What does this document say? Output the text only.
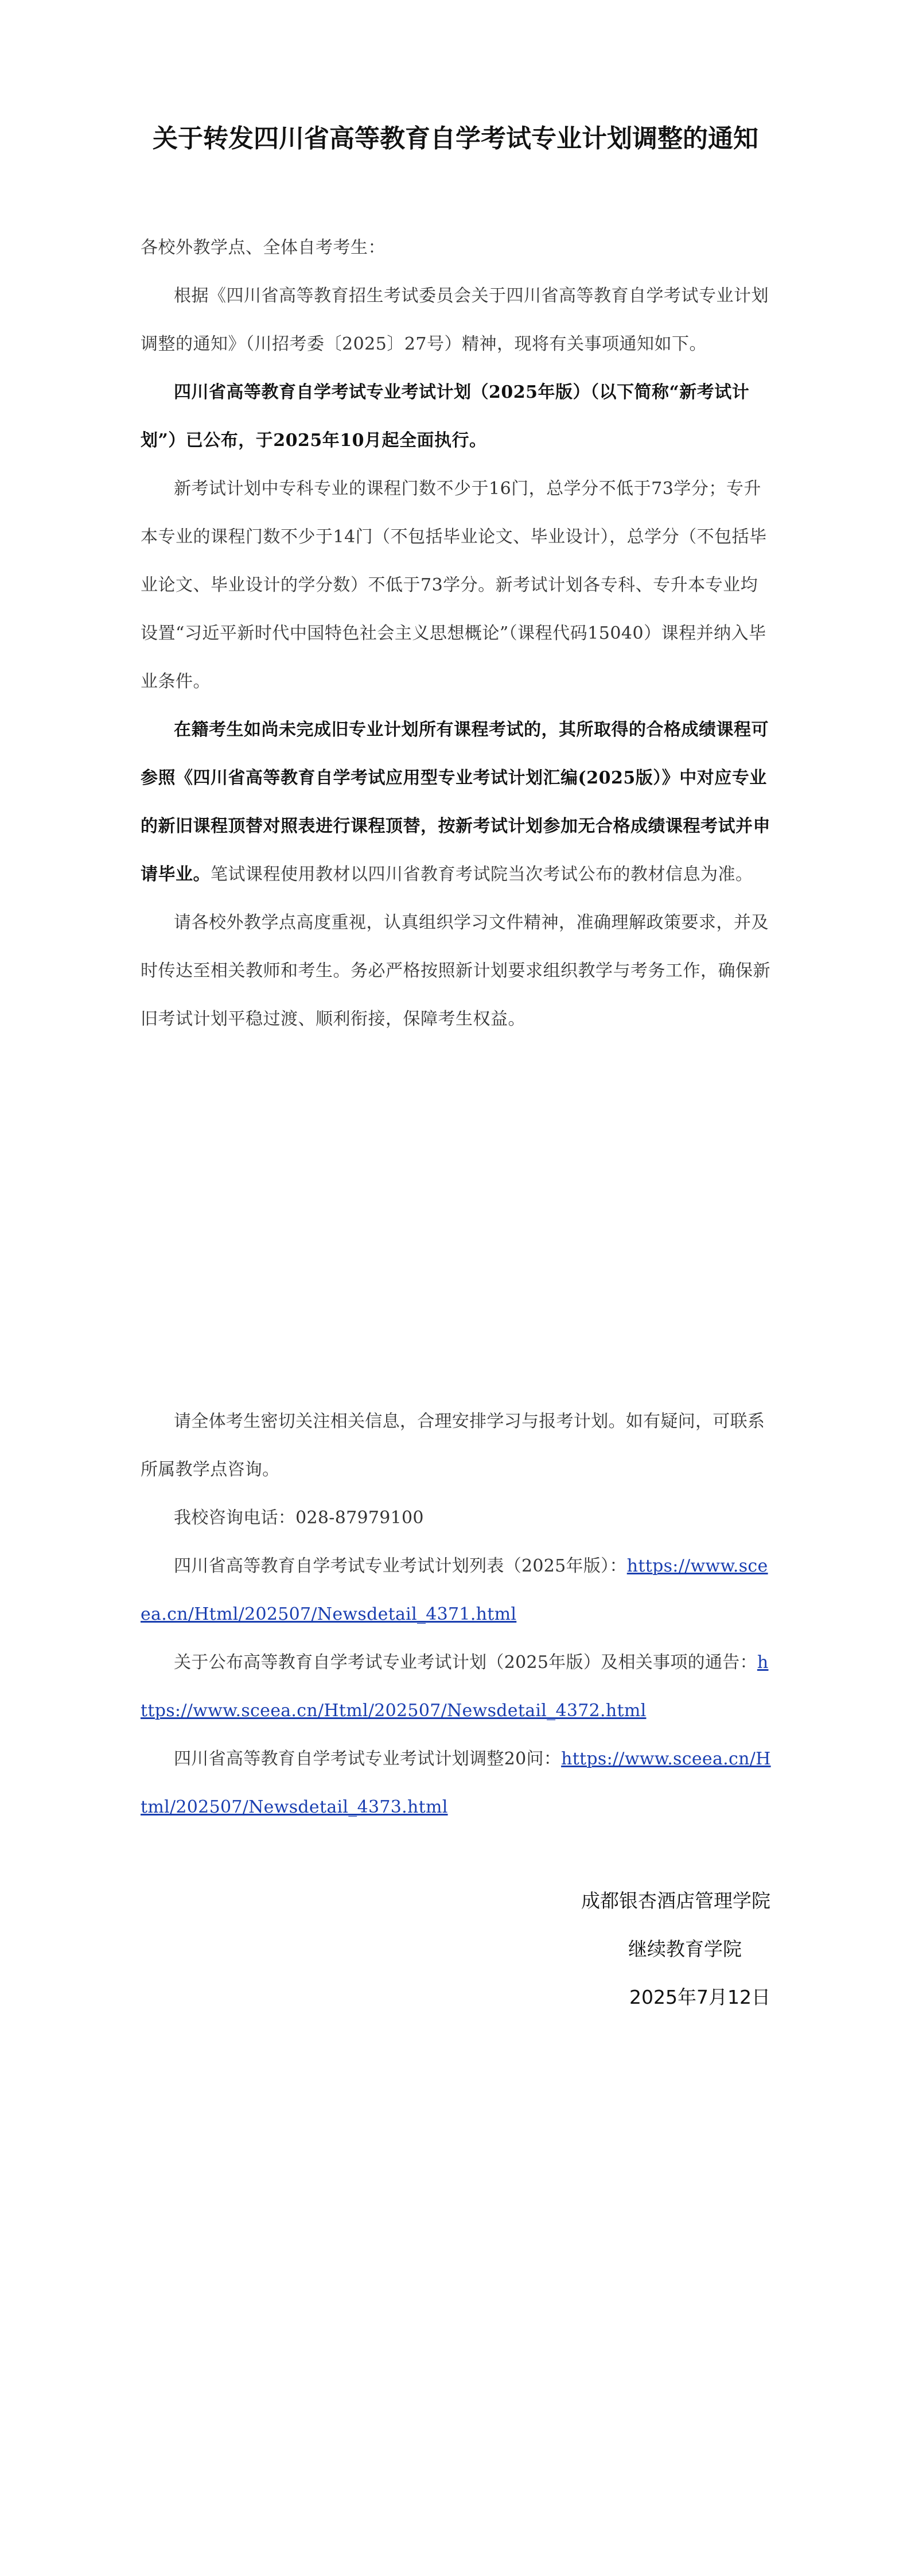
关于转发四川省高等教育自学考试专业计划调整的通知

各校外教学点、全体自考考生：

根据《四川省高等教育招生考试委员会关于四川省高等教育自学考试专业计划调整的通知》（川招考委〔2025〕27号）精神，现将有关事项通知如下。

四川省高等教育自学考试专业考试计划（2025年版）（以下简称“新考试计划”）已公布，于2025年10月起全面执行。

新考试计划中专科专业的课程门数不少于16门，总学分不低于73学分；专升本专业的课程门数不少于14门（不包括毕业论文、毕业设计），总学分（不包括毕业论文、毕业设计的学分数）不低于73学分。新考试计划各专科、专升本专业均设置“习近平新时代中国特色社会主义思想概论”（课程代码15040）课程并纳入毕业条件。

在籍考生如尚未完成旧专业计划所有课程考试的，其所取得的合格成绩课程可参照《四川省高等教育自学考试应用型专业考试计划汇编(2025版）》中对应专业的新旧课程顶替对照表进行课程顶替，按新考试计划参加无合格成绩课程考试并申请毕业。笔试课程使用教材以四川省教育考试院当次考试公布的教材信息为准。

请各校外教学点高度重视，认真组织学习文件精神，准确理解政策要求，并及时传达至相关教师和考生。务必严格按照新计划要求组织教学与考务工作，确保新旧考试计划平稳过渡、顺利衔接，保障考生权益。

请全体考生密切关注相关信息，合理安排学习与报考计划。如有疑问，可联系所属教学点咨询。

我校咨询电话：028-87979100

四川省高等教育自学考试专业考试计划列表（2025年版）：https://www.sceea.cn/Html/202507/Newsdetail_4371.html

关于公布高等教育自学考试专业考试计划（2025年版）及相关事项的通告：https://www.sceea.cn/Html/202507/Newsdetail_4372.html

四川省高等教育自学考试专业考试计划调整20问：https://www.sceea.cn/Html/202507/Newsdetail_4373.html

成都银杏酒店管理学院

继续教育学院

2025年7月12日
